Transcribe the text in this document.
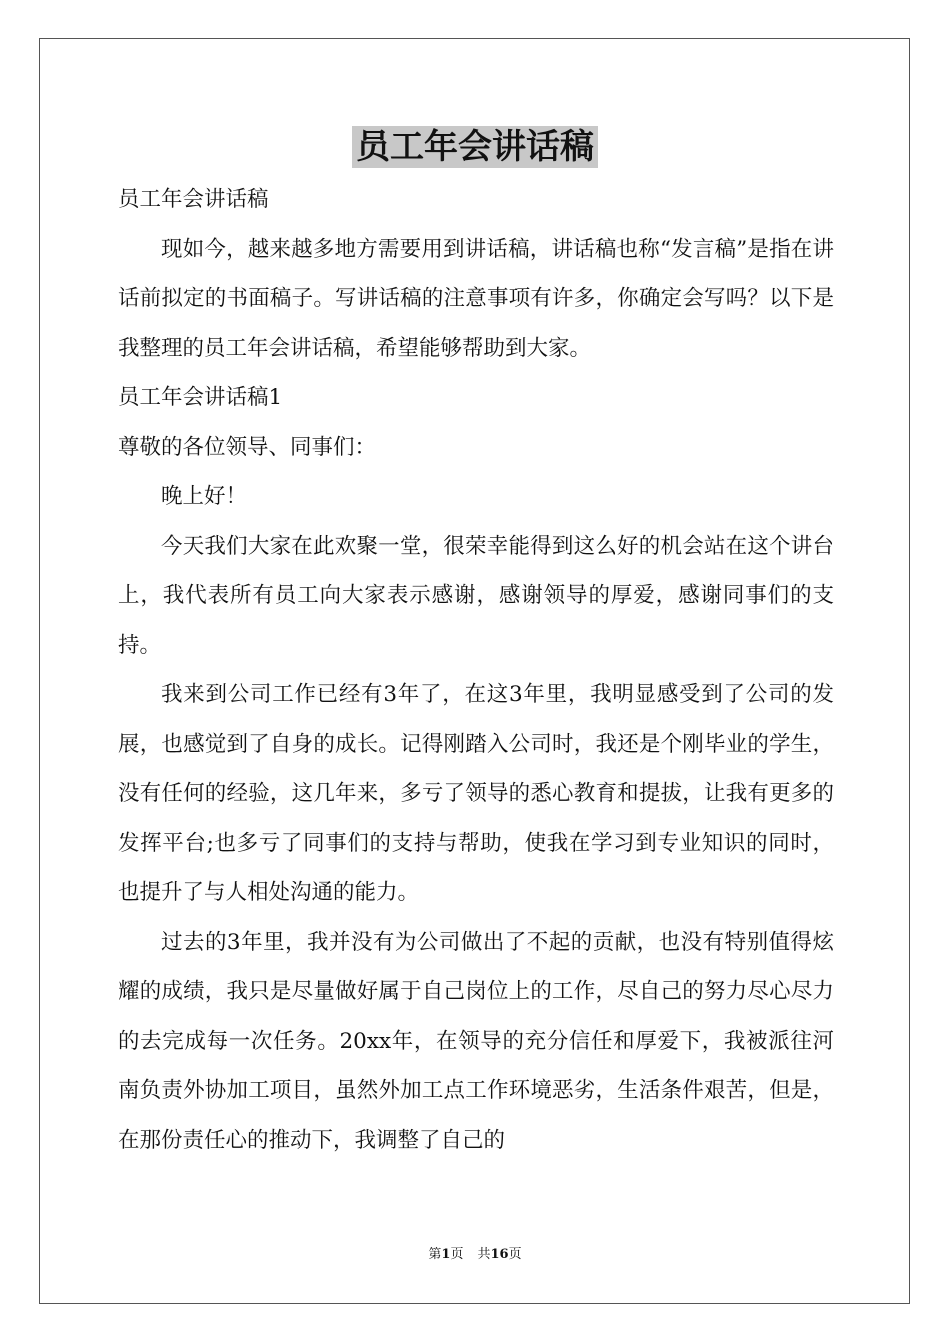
员工年会讲话稿

员工年会讲话稿

现如今，越来越多地方需要用到讲话稿，讲话稿也称“发言稿”是指在讲话前拟定的书面稿子。写讲话稿的注意事项有许多，你确定会写吗？以下是我整理的员工年会讲话稿，希望能够帮助到大家。

员工年会讲话稿1

尊敬的各位领导、同事们：

晚上好！

今天我们大家在此欢聚一堂，很荣幸能得到这么好的机会站在这个讲台上，我代表所有员工向大家表示感谢，感谢领导的厚爱，感谢同事们的支持。

我来到公司工作已经有3年了，在这3年里，我明显感受到了公司的发展，也感觉到了自身的成长。记得刚踏入公司时，我还是个刚毕业的学生，没有任何的经验，这几年来，多亏了领导的悉心教育和提拔，让我有更多的发挥平台;也多亏了同事们的支持与帮助，使我在学习到专业知识的同时，也提升了与人相处沟通的能力。

过去的3年里，我并没有为公司做出了不起的贡献，也没有特别值得炫耀的成绩，我只是尽量做好属于自己岗位上的工作，尽自己的努力尽心尽力的去完成每一次任务。20xx年，在领导的充分信任和厚爱下，我被派往河南负责外协加工项目，虽然外加工点工作环境恶劣，生活条件艰苦，但是，在那份责任心的推动下，我调整了自己的

第1页 共16页
